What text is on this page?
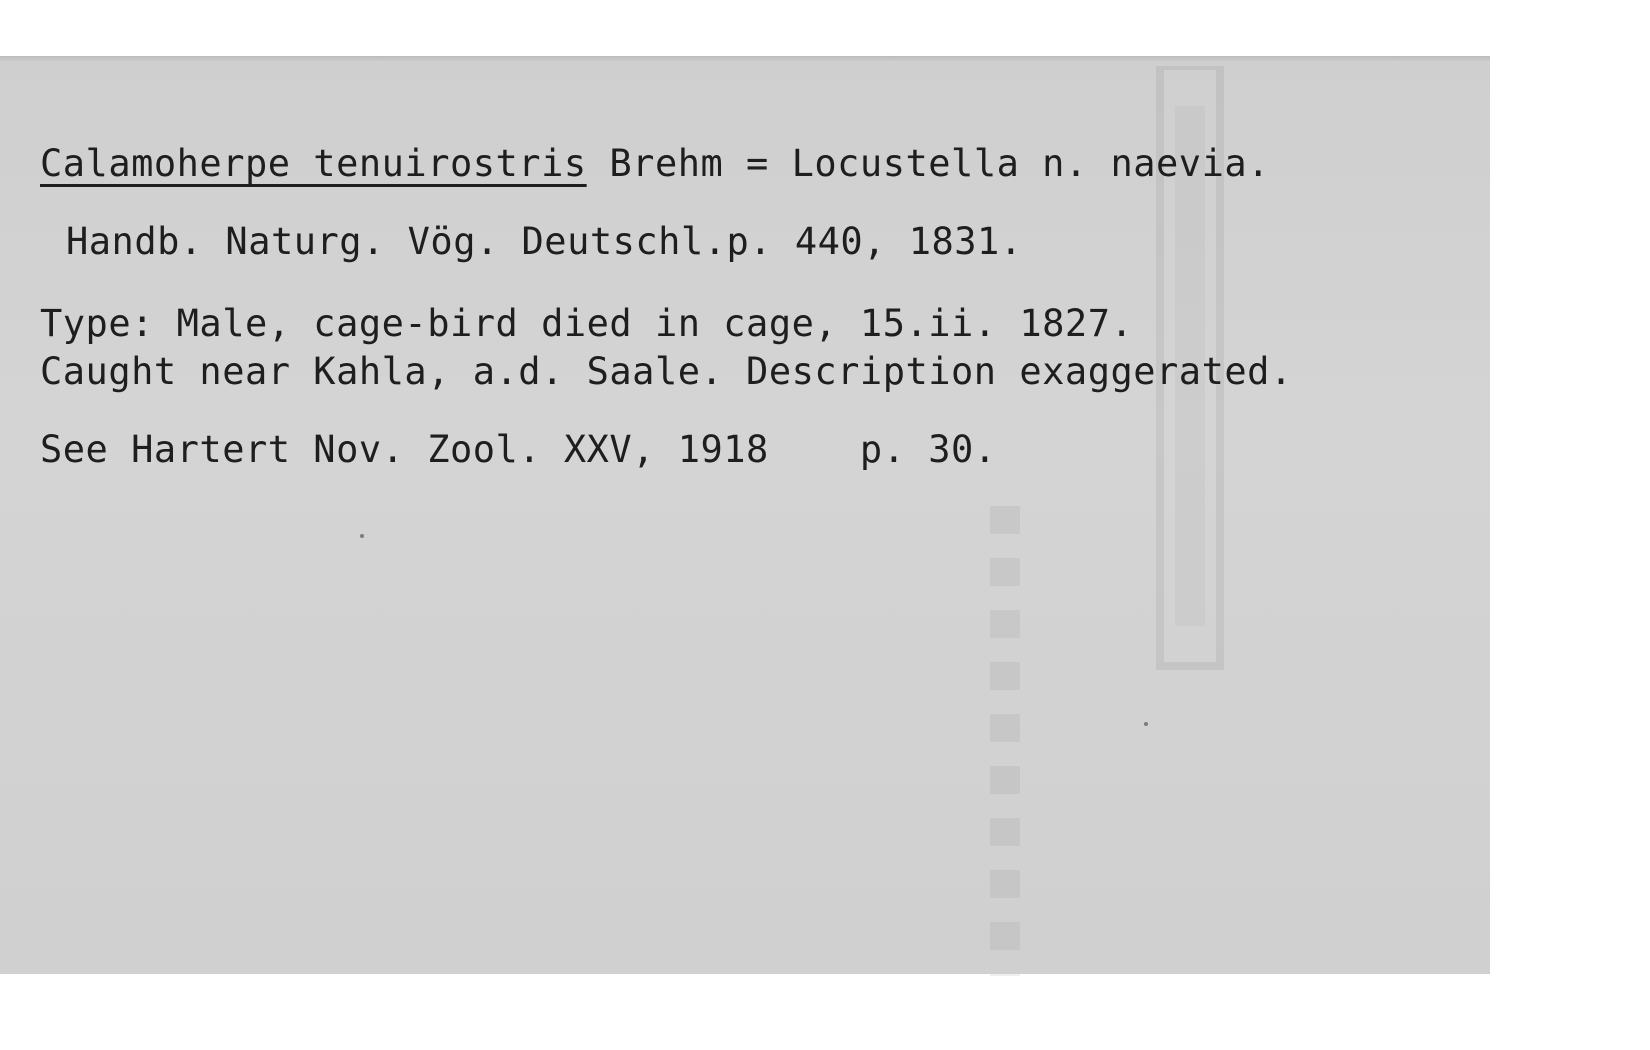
Calamoherpe tenuirostris Brehm = Locustella n. naevia.
Handb. Naturg. Vög. Deutschl.p. 440, 1831.
Type: Male, cage-bird died in cage, 15.ii. 1827.
Caught near Kahla, a.d. Saale. Description exaggerated.
See Hartert Nov. Zool. XXV, 1918    p. 30.
